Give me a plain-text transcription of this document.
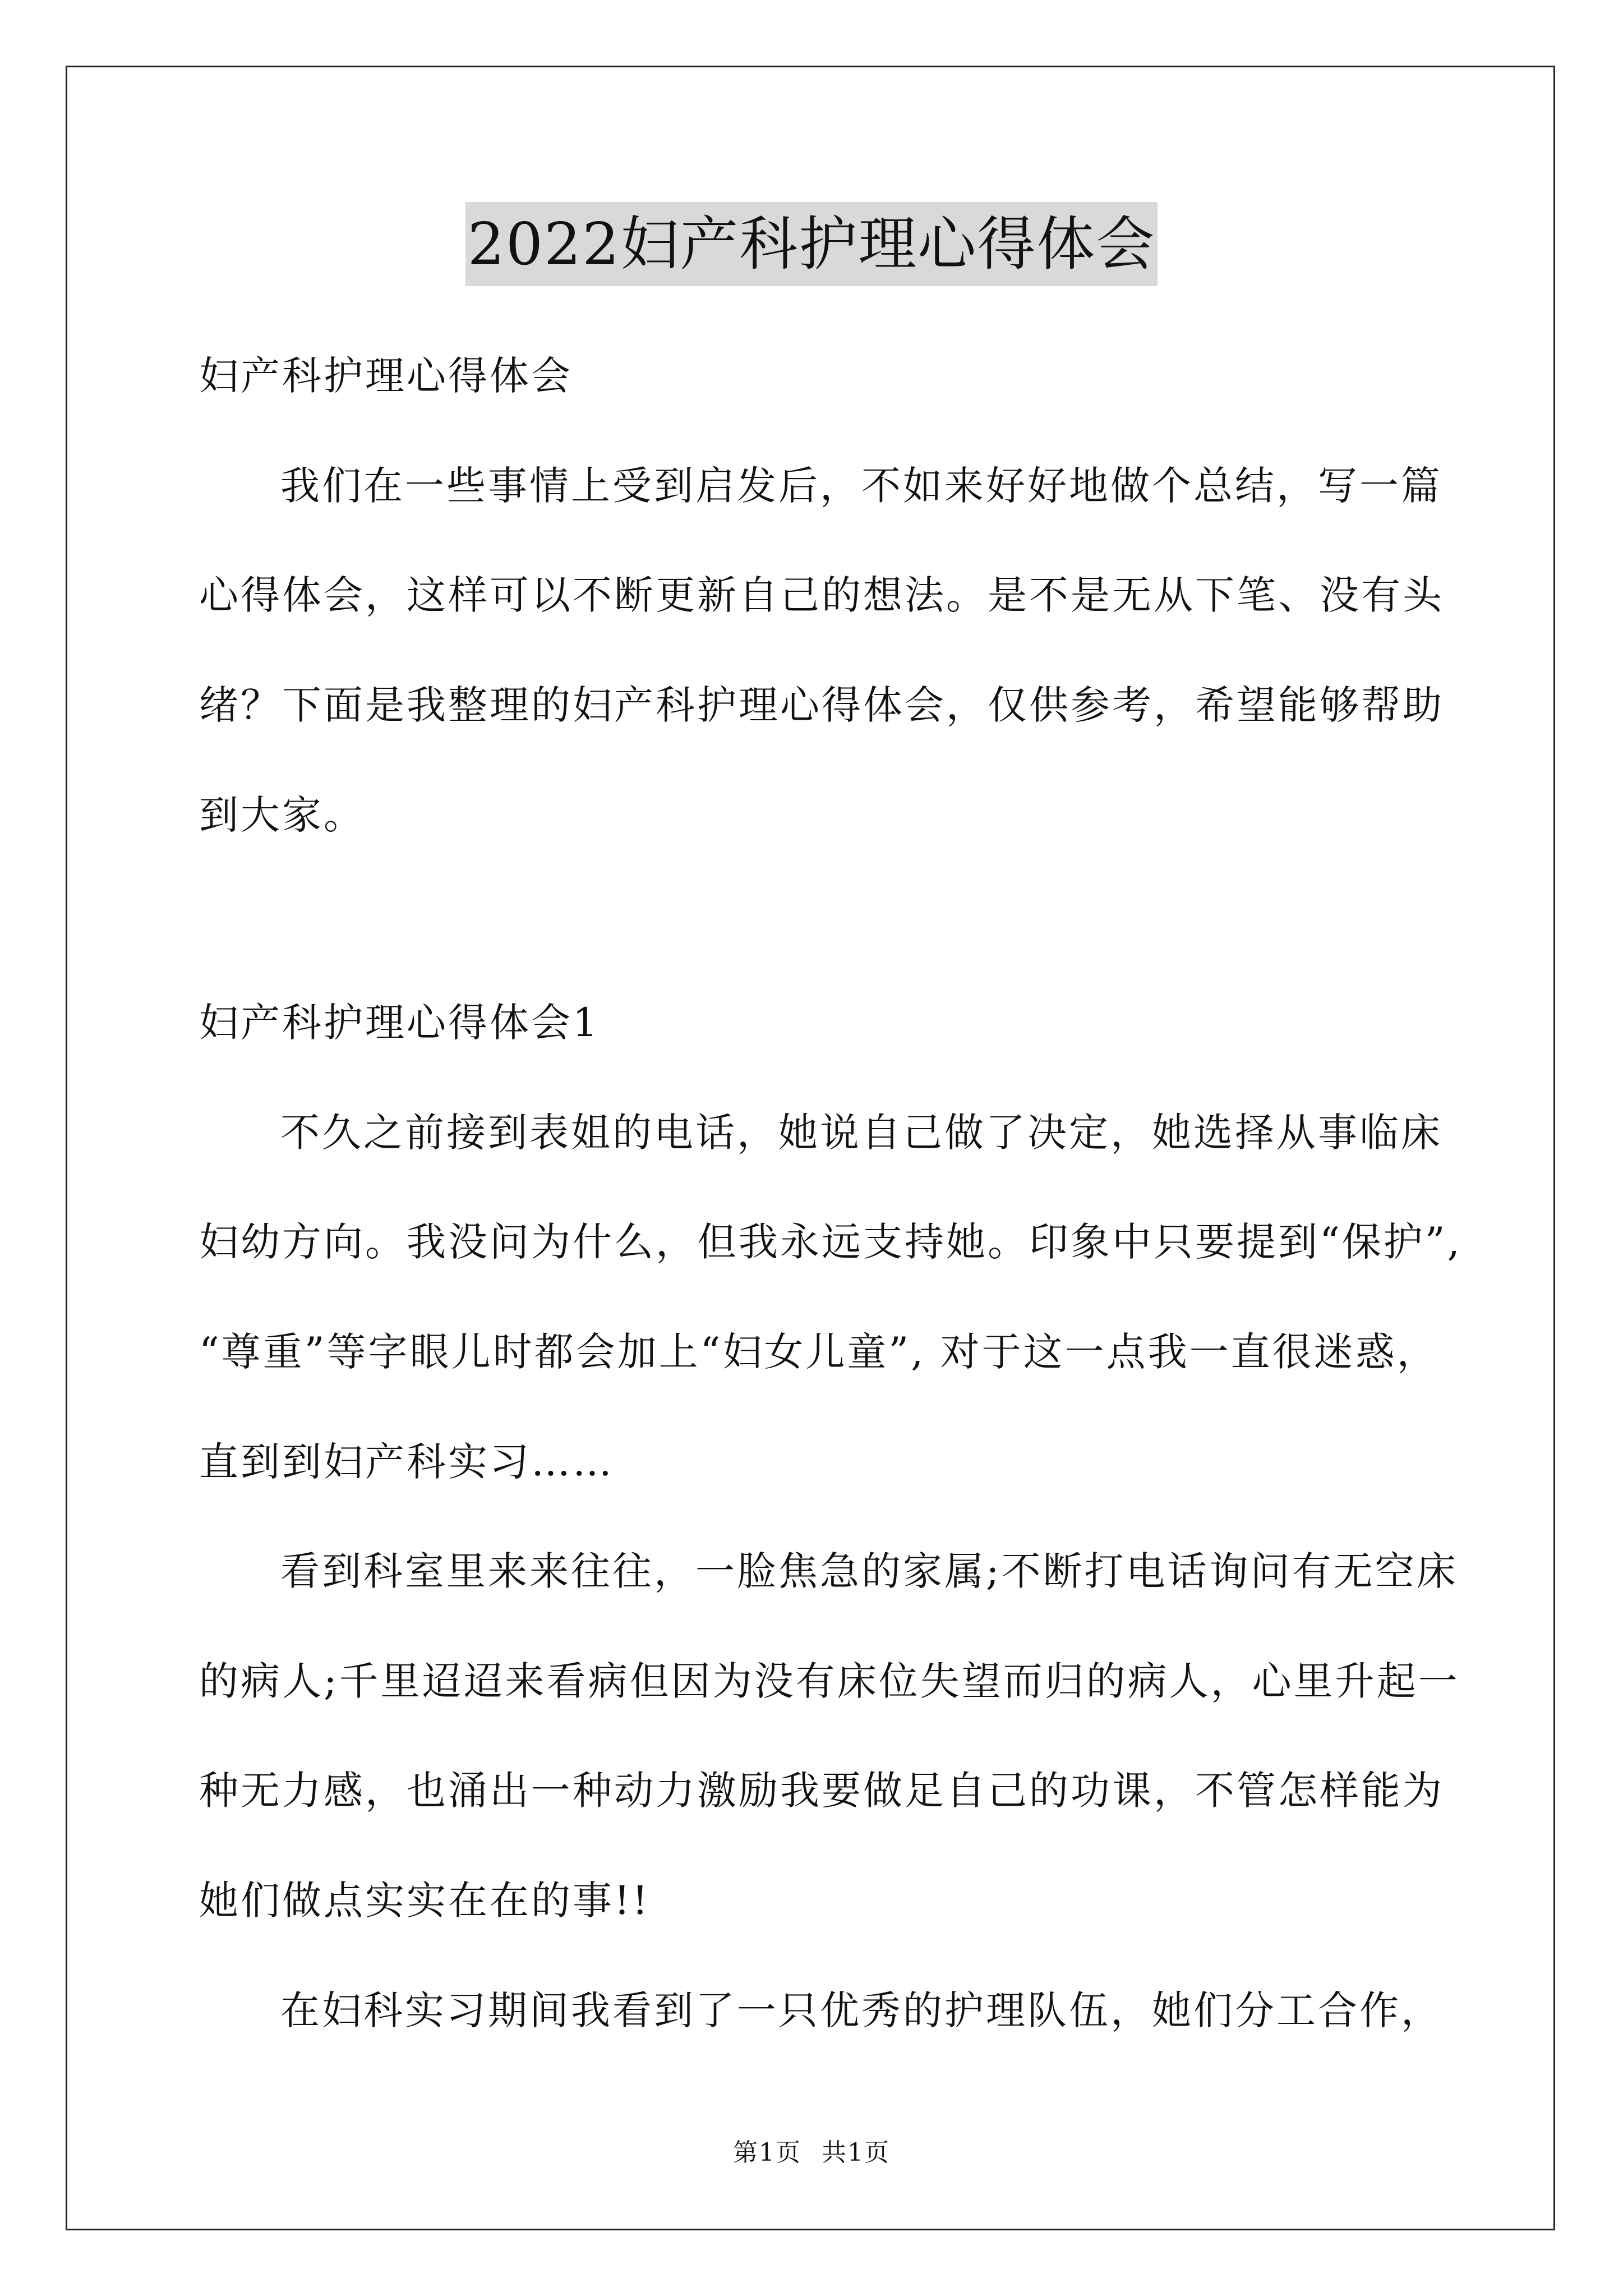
2022妇产科护理心得体会
妇产科护理心得体会
我们在一些事情上受到启发后，不如来好好地做个总结，写一篇
心得体会，这样可以不断更新自己的想法。是不是无从下笔、没有头
绪？下面是我整理的妇产科护理心得体会，仅供参考，希望能够帮助
到大家。
妇产科护理心得体会1
不久之前接到表姐的电话，她说自己做了决定，她选择从事临床
妇幼方向。我没问为什么，但我永远支持她。印象中只要提到“保护”,
“尊重”等字眼儿时都会加上“妇女儿童”, 对于这一点我一直很迷惑，
直到到妇产科实习……
看到科室里来来往往，一脸焦急的家属;不断打电话询问有无空床
的病人;千里迢迢来看病但因为没有床位失望而归的病人，心里升起一
种无力感，也涌出一种动力激励我要做足自己的功课，不管怎样能为
她们做点实实在在的事!!
在妇科实习期间我看到了一只优秀的护理队伍，她们分工合作，
第1页 共1页
